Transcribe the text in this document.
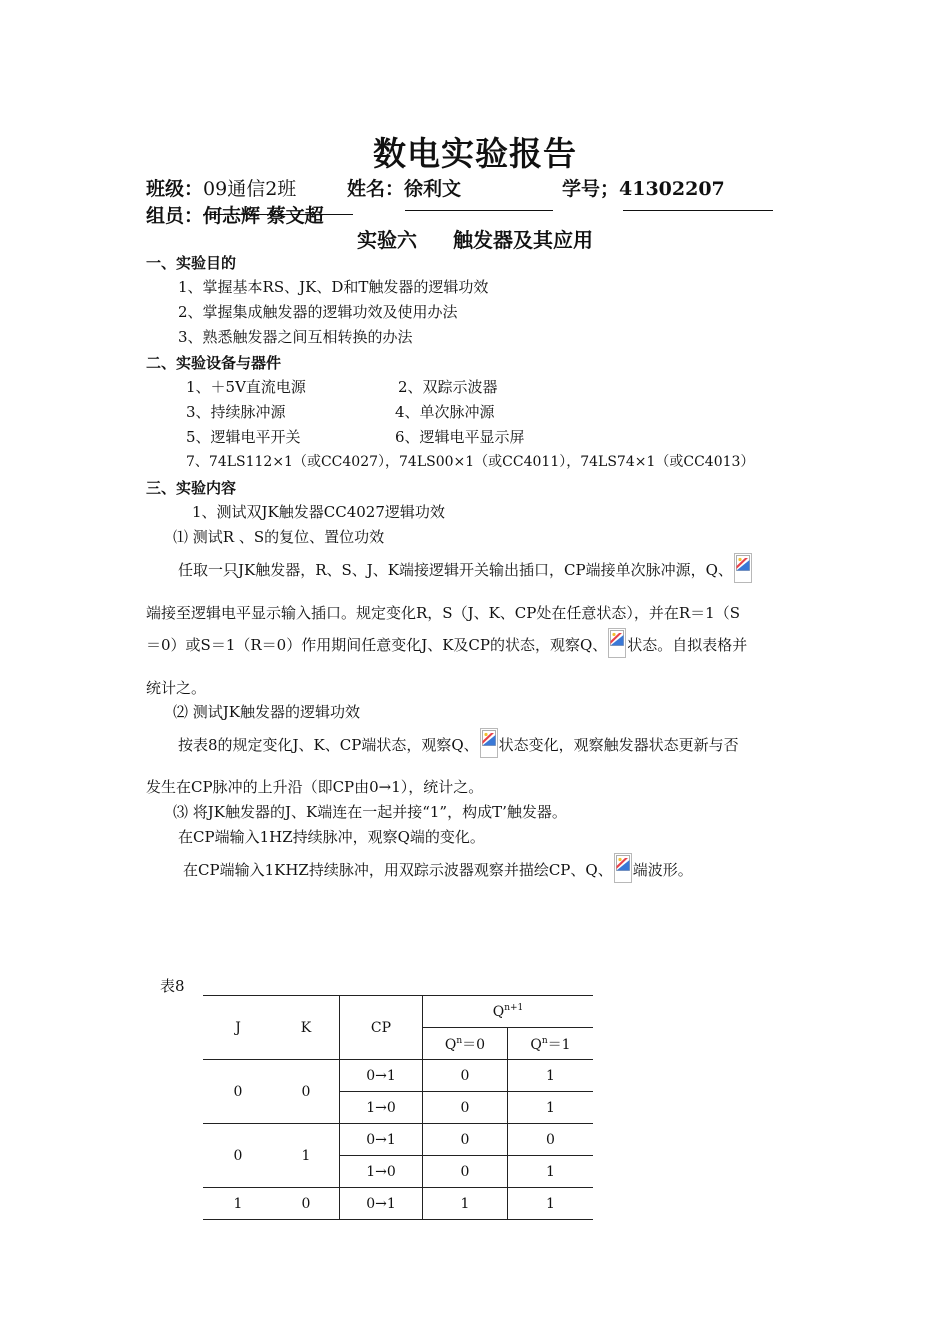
数电实验报告
班级：09通信2班	姓名：徐利文	学号；41302207
组员：何志辉 蔡文超
实验六 触发器及其应用
一、实验目的
1、掌握基本RS、JK、D和T触发器的逻辑功效
2、掌握集成触发器的逻辑功效及使用办法
3、熟悉触发器之间互相转换的办法
二、实验设备与器件
1、＋5V直流电源	2、双踪示波器
3、持续脉冲源	4、单次脉冲源
5、逻辑电平开关	6、逻辑电平显示屏
7、74LS112×1（或CC4027），74LS00×1（或CC4011），74LS74×1（或CC4013）
三、实验内容
1、测试双JK触发器CC4027逻辑功效
⑴ 测试R 、S的复位、置位功效
任取一只JK触发器，R、S、J、K端接逻辑开关输出插口，CP端接单次脉冲源，Q、
端接至逻辑电平显示输入插口。规定变化R，S（J、K、CP处在任意状态），并在R＝1（S
＝0）或S＝1（R＝0）作用期间任意变化J、K及CP的状态，观察Q、 状态。自拟表格并
统计之。
⑵ 测试JK触发器的逻辑功效
按表8的规定变化J、K、CP端状态，观察Q、 状态变化，观察触发器状态更新与否
发生在CP脉冲的上升沿（即CP由0→1），统计之。
⑶ 将JK触发器的J、K端连在一起并接“1”，构成T’触发器。
在CP端输入1HZ持续脉冲，观察Q端的变化。
在CP端输入1KHZ持续脉冲，用双踪示波器观察并描绘CP、Q、 端波形。
表8
J	K	CP	$Q^{n+1}$
			$Q^n=0$	$Q^n=1$
0	0	0→1	0	1
		1→0	0	1
0	1	0→1	0	0
		1→0	0	1
1	0	0→1	1	1
